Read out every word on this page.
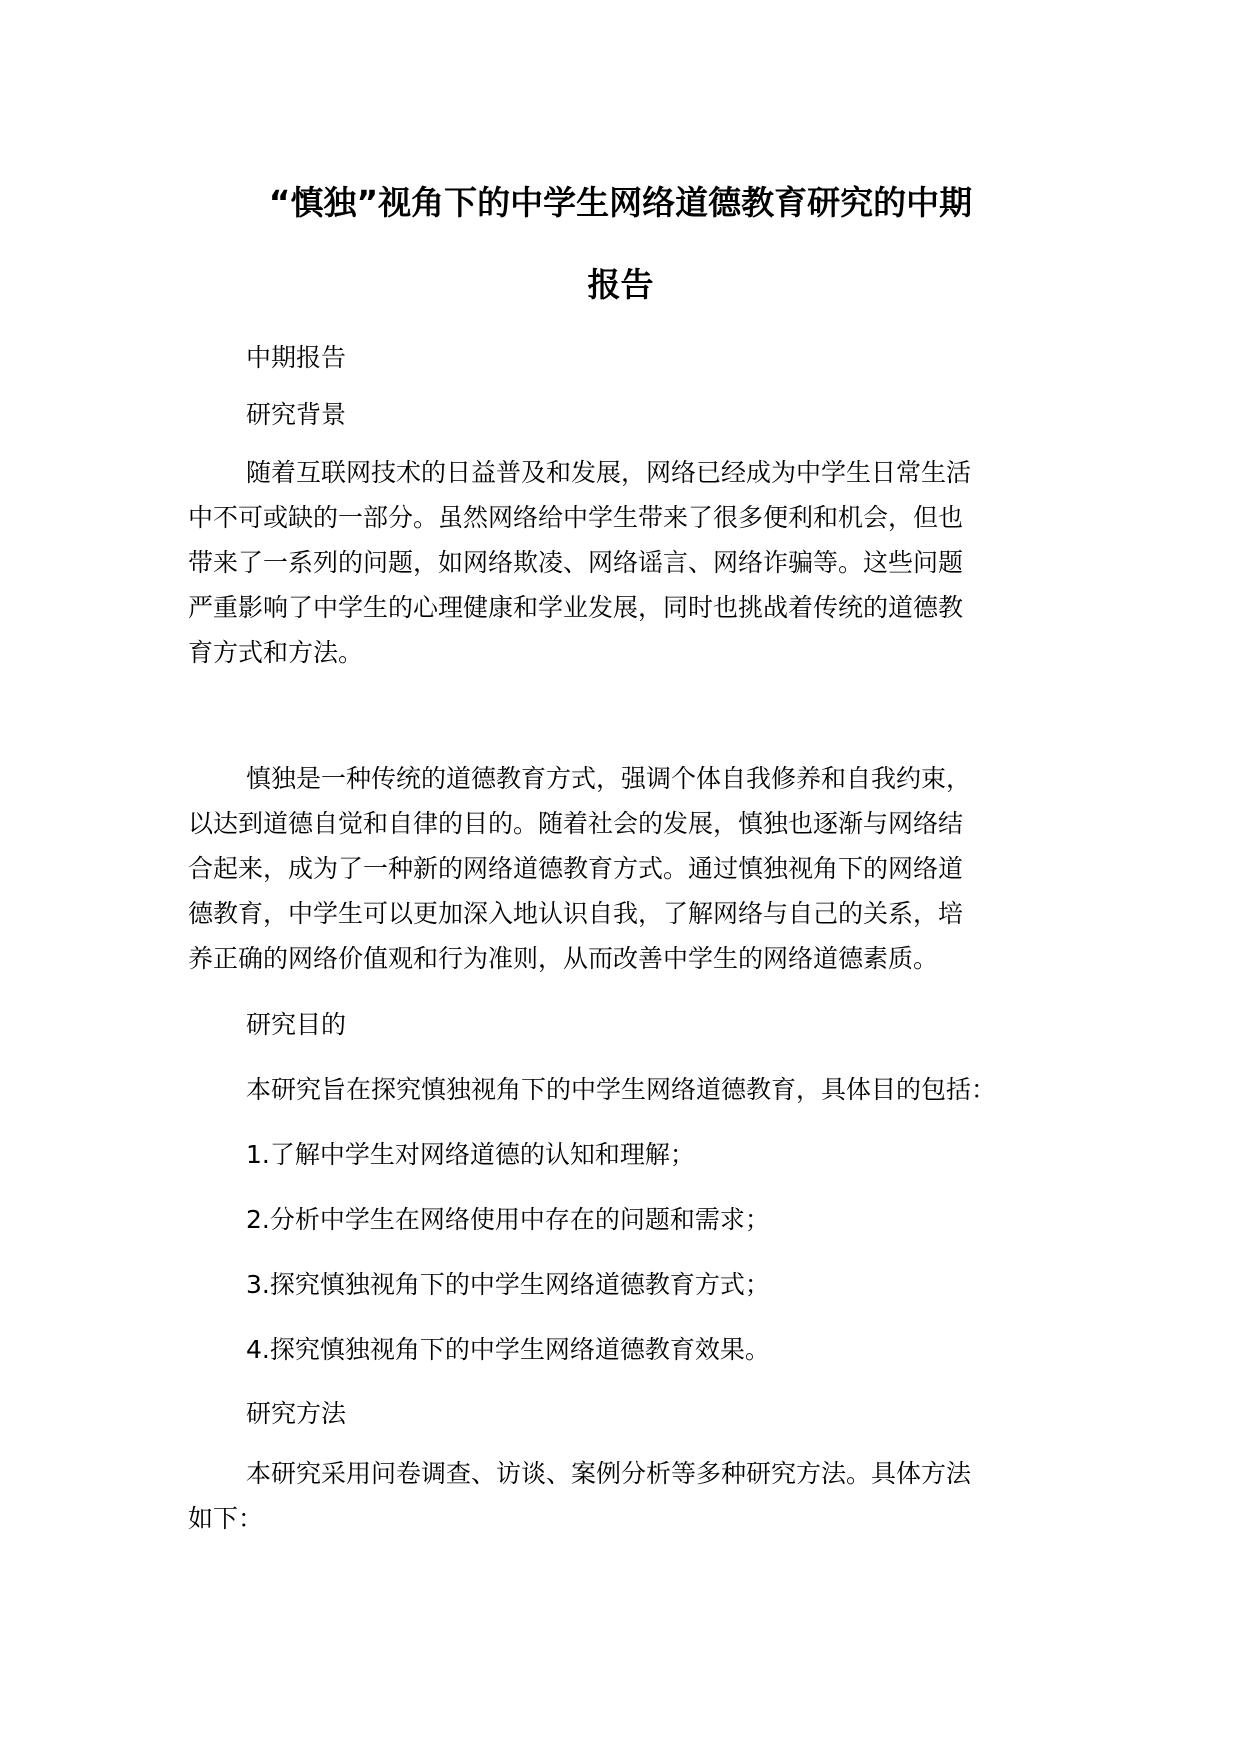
“慎独”视角下的中学生网络道德教育研究的中期
报告

中期报告

研究背景

随着互联网技术的日益普及和发展，网络已经成为中学生日常生活
中不可或缺的一部分。虽然网络给中学生带来了很多便利和机会，但也
带来了一系列的问题，如网络欺凌、网络谣言、网络诈骗等。这些问题
严重影响了中学生的心理健康和学业发展，同时也挑战着传统的道德教
育方式和方法。
慎独是一种传统的道德教育方式，强调个体自我修养和自我约束，
以达到道德自觉和自律的目的。随着社会的发展，慎独也逐渐与网络结
合起来，成为了一种新的网络道德教育方式。通过慎独视角下的网络道
德教育，中学生可以更加深入地认识自我，了解网络与自己的关系，培
养正确的网络价值观和行为准则，从而改善中学生的网络道德素质。

研究目的

本研究旨在探究慎独视角下的中学生网络道德教育，具体目的包括：

1.了解中学生对网络道德的认知和理解；

2.分析中学生在网络使用中存在的问题和需求；

3.探究慎独视角下的中学生网络道德教育方式；

4.探究慎独视角下的中学生网络道德教育效果。

研究方法

本研究采用问卷调查、访谈、案例分析等多种研究方法。具体方法
如下：
